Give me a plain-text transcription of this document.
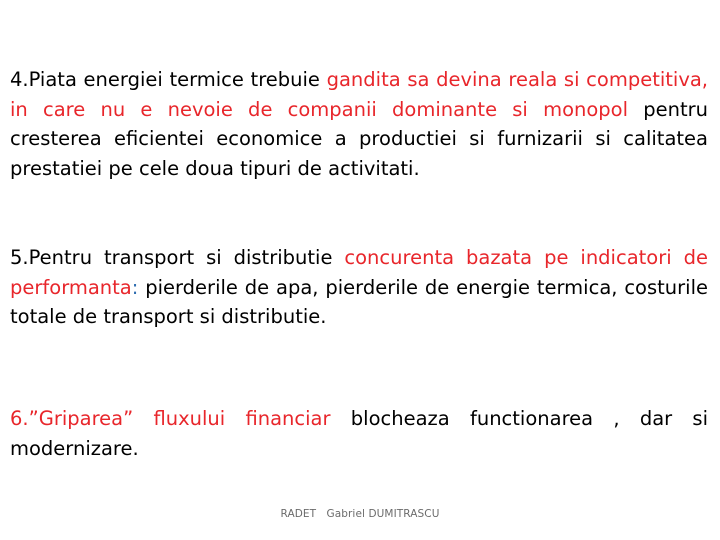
4.Piata energiei termice trebuie gandita sa devina reala si competitiva, in care nu e nevoie de companii dominante si monopol pentru cresterea eficientei economice a productiei si furnizarii si calitatea prestatiei pe cele doua tipuri de activitati.

5.Pentru transport si distributie concurenta bazata pe indicatori de performanta: pierderile de apa, pierderile de energie termica, costurile totale de transport si distributie.

6.”Griparea” fluxului financiar blocheaza functionarea , dar si modernizare.

RADET   Gabriel DUMITRASCU
